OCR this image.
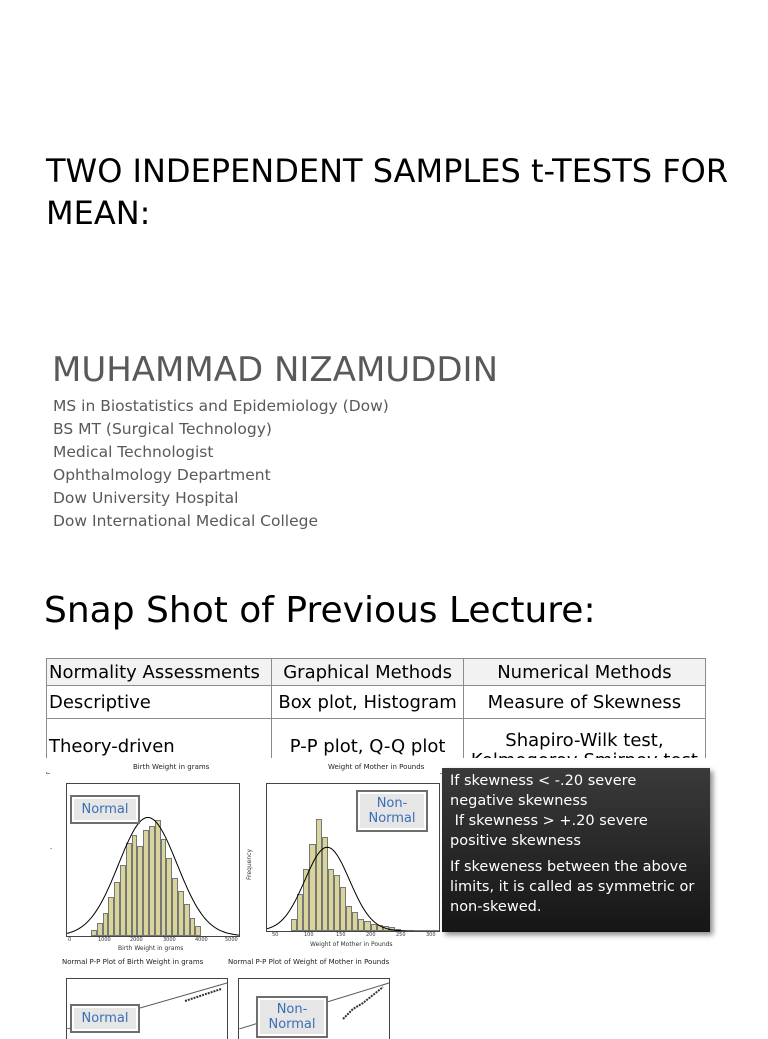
TWO INDEPENDENT SAMPLES t-TESTS FOR MEAN:
MUHAMMAD NIZAMUDDIN
MS in Biostatistics and Epidemiology (Dow)
BS MT (Surgical Technology)
Medical Technologist
Ophthalmology Department
Dow University Hospital
Dow International Medical College
Snap Shot of Previous Lecture:
Normality Assessments	Graphical Methods	Numerical Methods
Descriptive	Box plot, Histogram	Measure of Skewness
Theory-driven	P-P plot, Q-Q plot	Shapiro-Wilk test,

Birth Weight in grams
-
0	1000	2000	3000	4000	5000
Birth Weight in grams
Normal
Weight of Mother in Pounds
Frequency
50	100	150	200	250	300
Weight of Mother in Pounds
Non-
Normal
Normal P-P Plot of Birth Weight in grams
Normal
Normal P-P Plot of Weight of Mother in Pounds
Non-
Normal

If skewness < -.20 severe negative skewness

If skewness > +.20 severe positive skewness

If skeweness between the above limits, it is called as symmetric or non-skewed.
